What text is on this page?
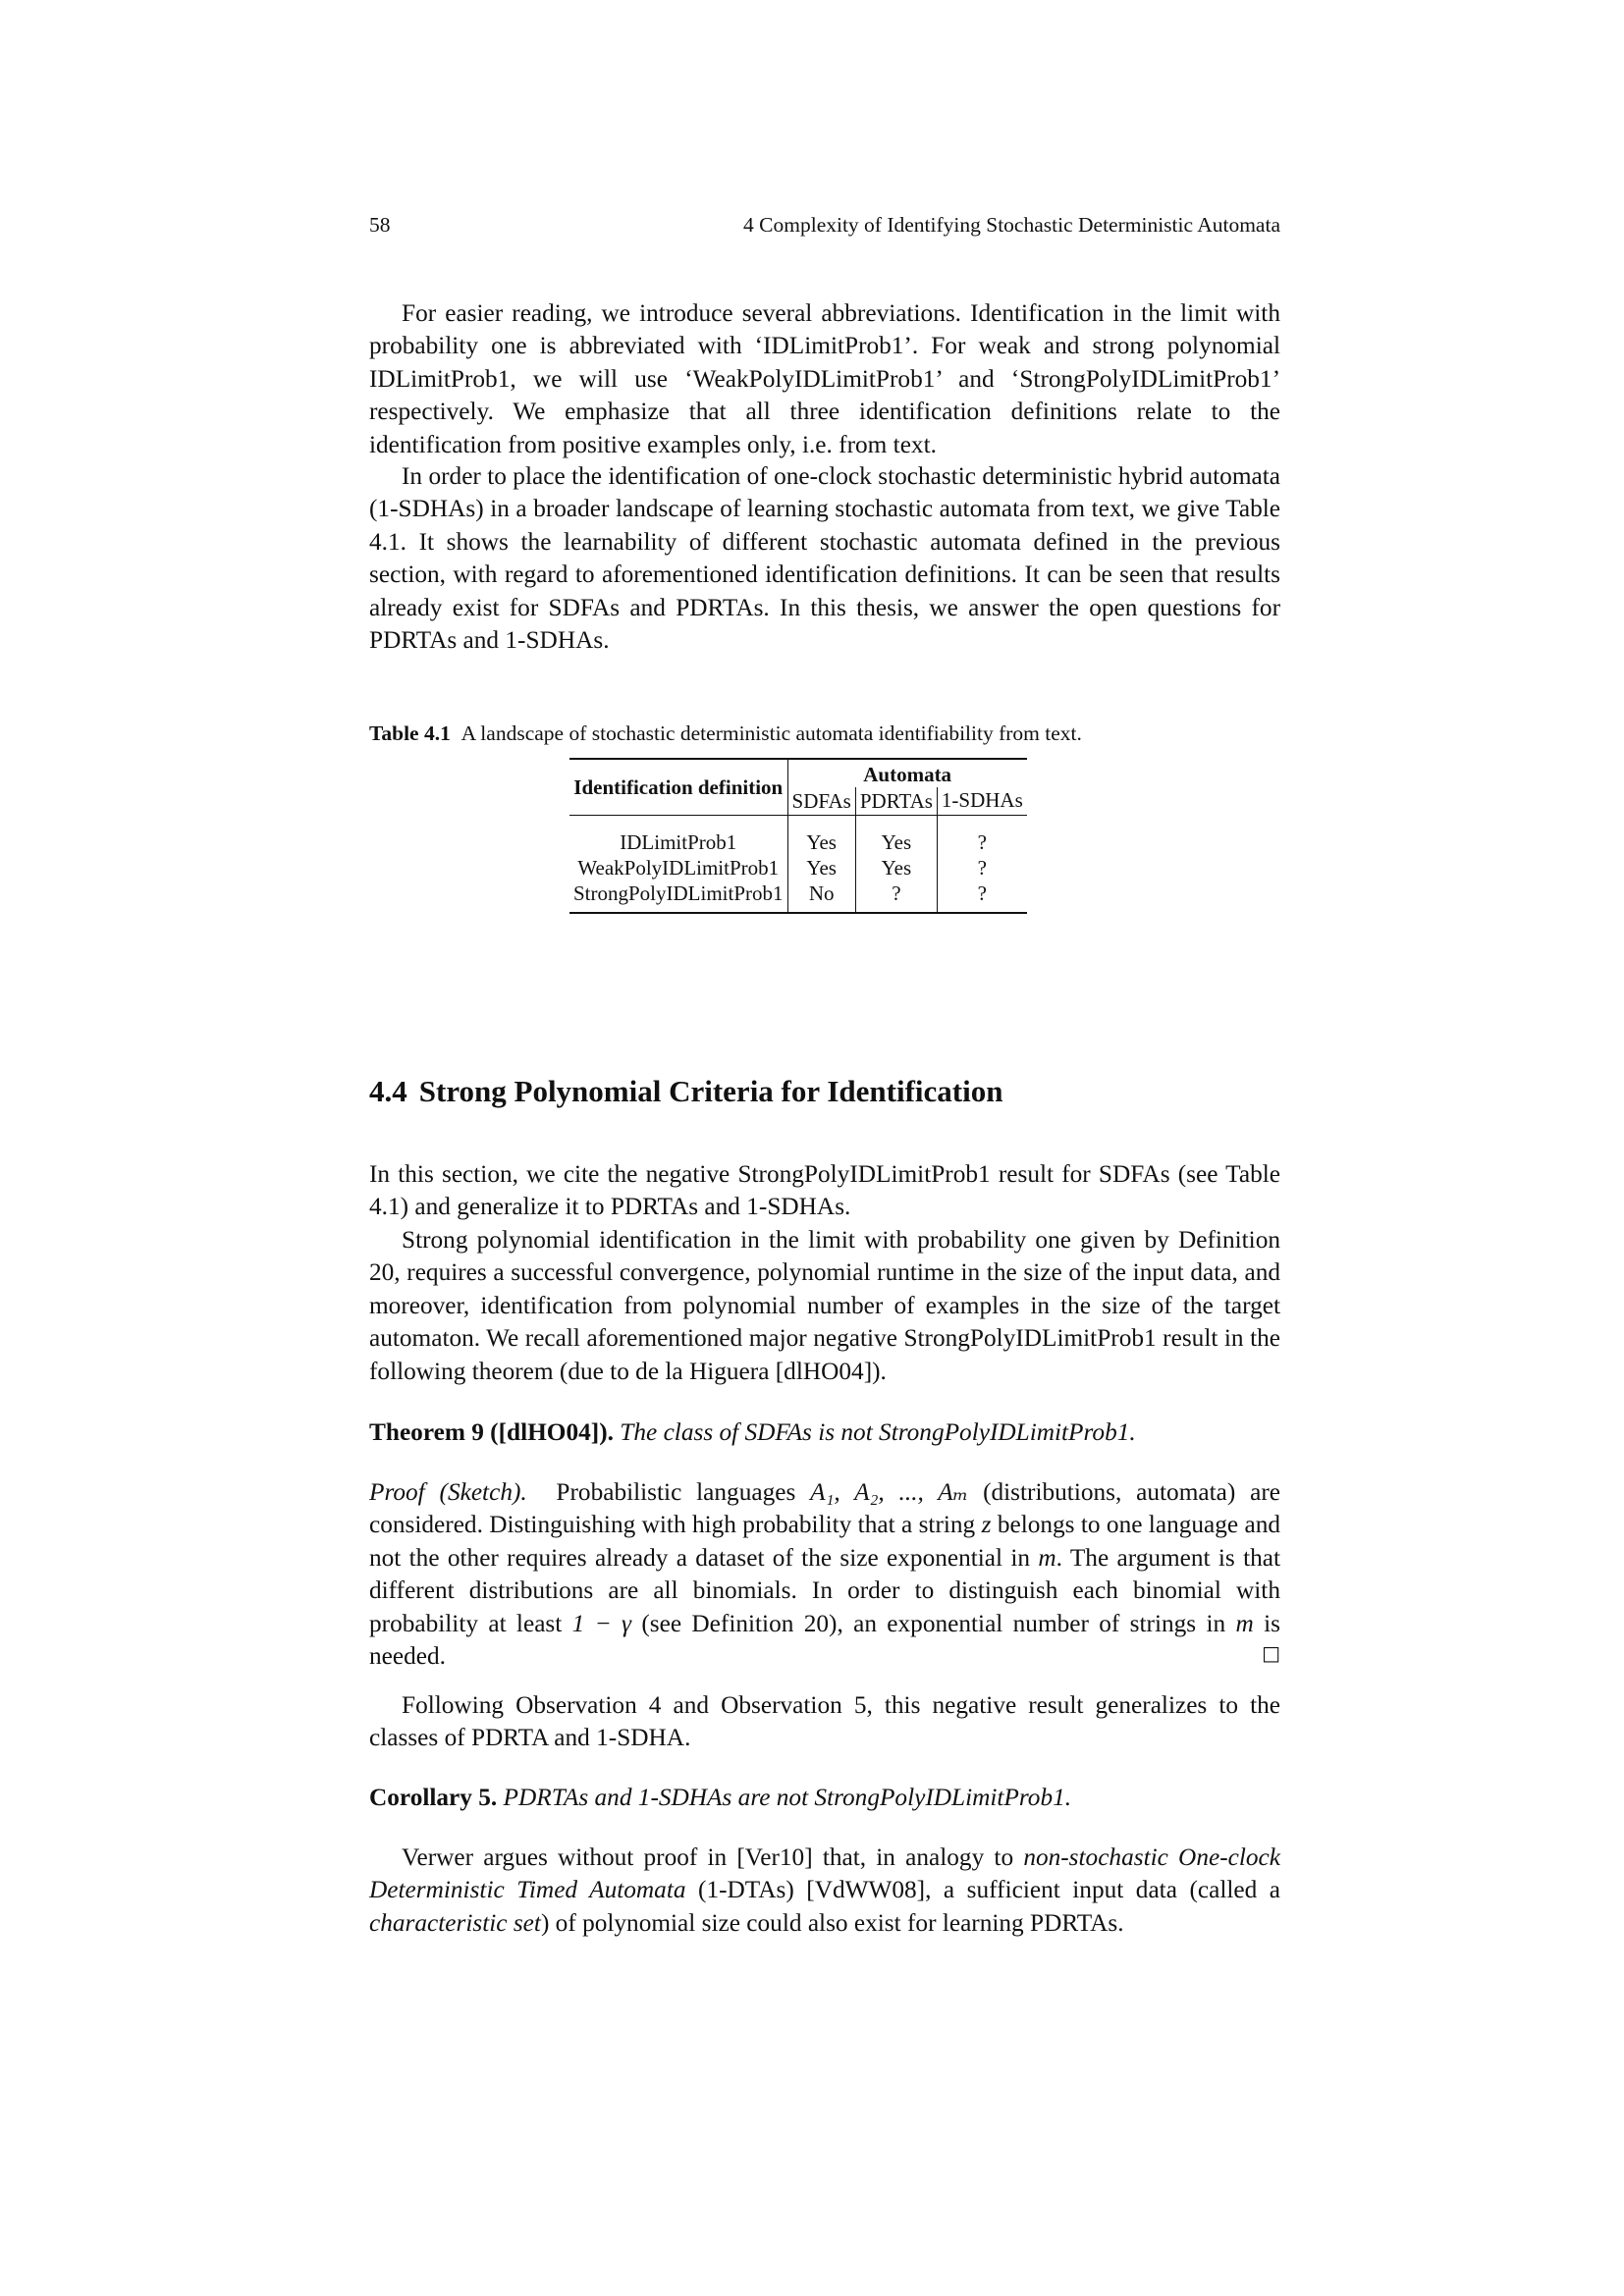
58	4 Complexity of Identifying Stochastic Deterministic Automata

For easier reading, we introduce several abbreviations. Identification in the limit with probability one is abbreviated with ‘IDLimitProb1’. For weak and strong polynomial IDLimitProb1, we will use ‘WeakPolyIDLimitProb1’ and ‘StrongPolyIDLimitProb1’ respectively. We emphasize that all three identification definitions relate to the identification from positive examples only, i.e. from text.

In order to place the identification of one-clock stochastic deterministic hybrid automata (1-SDHAs) in a broader landscape of learning stochastic automata from text, we give Table 4.1. It shows the learnability of different stochastic automata defined in the previous section, with regard to aforementioned identification definitions. It can be seen that results already exist for SDFAs and PDRTAs. In this thesis, we answer the open questions for PDRTAs and 1-SDHAs.

Table 4.1 A landscape of stochastic deterministic automata identifiability from text.
Identification definition	Automata		
	SDFAs	PDRTAs	1-SDHAs

IDLimitProb1	Yes	Yes	?
WeakPolyIDLimitProb1	Yes	Yes	?
StrongPolyIDLimitProb1	No	?	?
4.4 Strong Polynomial Criteria for Identification

In this section, we cite the negative StrongPolyIDLimitProb1 result for SDFAs (see Table 4.1) and generalize it to PDRTAs and 1-SDHAs.

Strong polynomial identification in the limit with probability one given by Definition 20, requires a successful convergence, polynomial runtime in the size of the input data, and moreover, identification from polynomial number of examples in the size of the target automaton. We recall aforementioned major negative StrongPolyIDLimitProb1 result in the following theorem (due to de la Higuera [dlHO04]).

Theorem 9 ([dlHO04]). The class of SDFAs is not StrongPolyIDLimitProb1.

Proof (Sketch). Probabilistic languages A₁, A₂, ..., Aₘ (distributions, automata) are considered. Distinguishing with high probability that a string z belongs to one language and not the other requires already a dataset of the size exponential in m. The argument is that different distributions are all binomials. In order to distinguish each binomial with probability at least 1 − γ (see Definition 20), an exponential number of strings in m is needed.	□

Following Observation 4 and Observation 5, this negative result generalizes to the classes of PDRTA and 1-SDHA.

Corollary 5. PDRTAs and 1-SDHAs are not StrongPolyIDLimitProb1.

Verwer argues without proof in [Ver10] that, in analogy to non-stochastic One-clock Deterministic Timed Automata (1-DTAs) [VdWW08], a sufficient input data (called a characteristic set) of polynomial size could also exist for learning PDRTAs.
